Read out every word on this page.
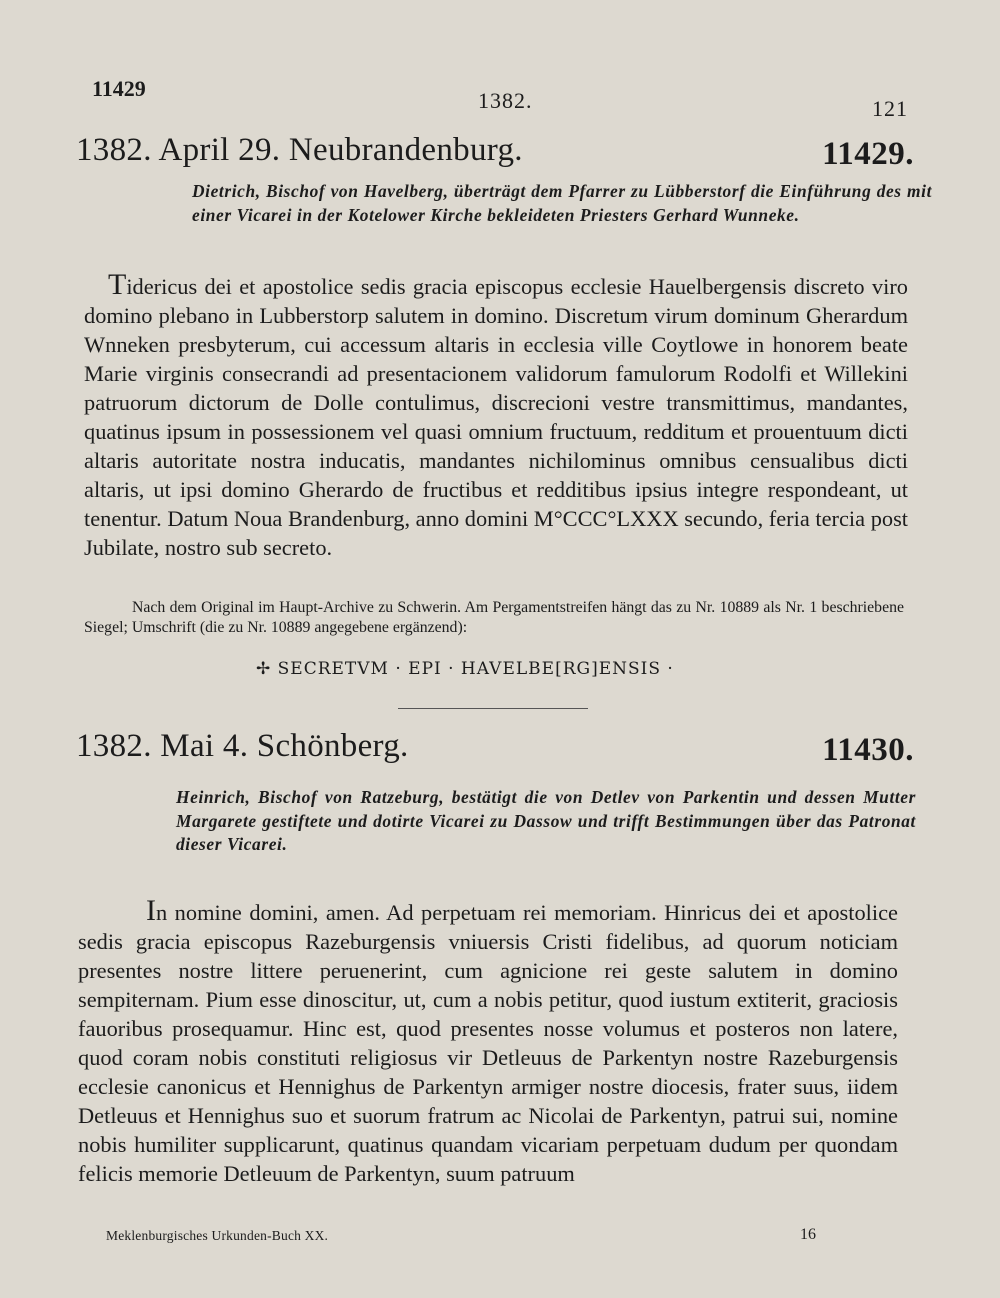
11429	1382.	121
1382. April 29. Neubrandenburg.	11429.
Dietrich, Bischof von Havelberg, überträgt dem Pfarrer zu Lübberstorf die Einführung des mit einer Vicarei in der Kotelower Kirche bekleideten Priesters Gerhard Wunneke.
Tidericus dei et apostolice sedis gracia episcopus ecclesie Hauelbergensis discreto viro domino plebano in Lubberstorp salutem in domino. Discretum virum dominum Gherardum Wnneken presbyterum, cui accessum altaris in ecclesia ville Coytlowe in honorem beate Marie virginis consecrandi ad presentacionem validorum famulorum Rodolfi et Willekini patruorum dictorum de Dolle contulimus, discrecioni vestre transmittimus, mandantes, quatinus ipsum in possessionem vel quasi omnium fructuum, redditum et prouentuum dicti altaris autoritate nostra inducatis, mandantes nichilominus omnibus censualibus dicti altaris, ut ipsi domino Gherardo de fructibus et redditibus ipsius integre respondeant, ut tenentur. Datum Noua Brandenburg, anno domini M°CCC°LXXX secundo, feria tercia post Jubilate, nostro sub secreto.
Nach dem Original im Haupt-Archive zu Schwerin. Am Pergamentstreifen hängt das zu Nr. 10889 als Nr. 1 beschriebene Siegel; Umschrift (die zu Nr. 10889 angegebene ergänzend):
✢ SECRETVM · EPI · HAVELBE[RG]ENSIS ·
1382. Mai 4. Schönberg.	11430.
Heinrich, Bischof von Ratzeburg, bestätigt die von Detlev von Parkentin und dessen Mutter Margarete gestiftete und dotirte Vicarei zu Dassow und trifft Bestimmungen über das Patronat dieser Vicarei.
In nomine domini, amen. Ad perpetuam rei memoriam. Hinricus dei et apostolice sedis gracia episcopus Razeburgensis vniuersis Cristi fidelibus, ad quorum noticiam presentes nostre littere peruenerint, cum agnicione rei geste salutem in domino sempiternam. Pium esse dinoscitur, ut, cum a nobis petitur, quod iustum extiterit, graciosis fauoribus prosequamur. Hinc est, quod presentes nosse volumus et posteros non latere, quod coram nobis constituti religiosus vir Detleuus de Parkentyn nostre Razeburgensis ecclesie canonicus et Hennighus de Parkentyn armiger nostre diocesis, frater suus, iidem Detleuus et Hennighus suo et suorum fratrum ac Nicolai de Parkentyn, patrui sui, nomine nobis humiliter supplicarunt, quatinus quandam vicariam perpetuam dudum per quondam felicis memorie Detleuum de Parkentyn, suum patruum
Meklenburgisches Urkunden-Buch XX.	16
